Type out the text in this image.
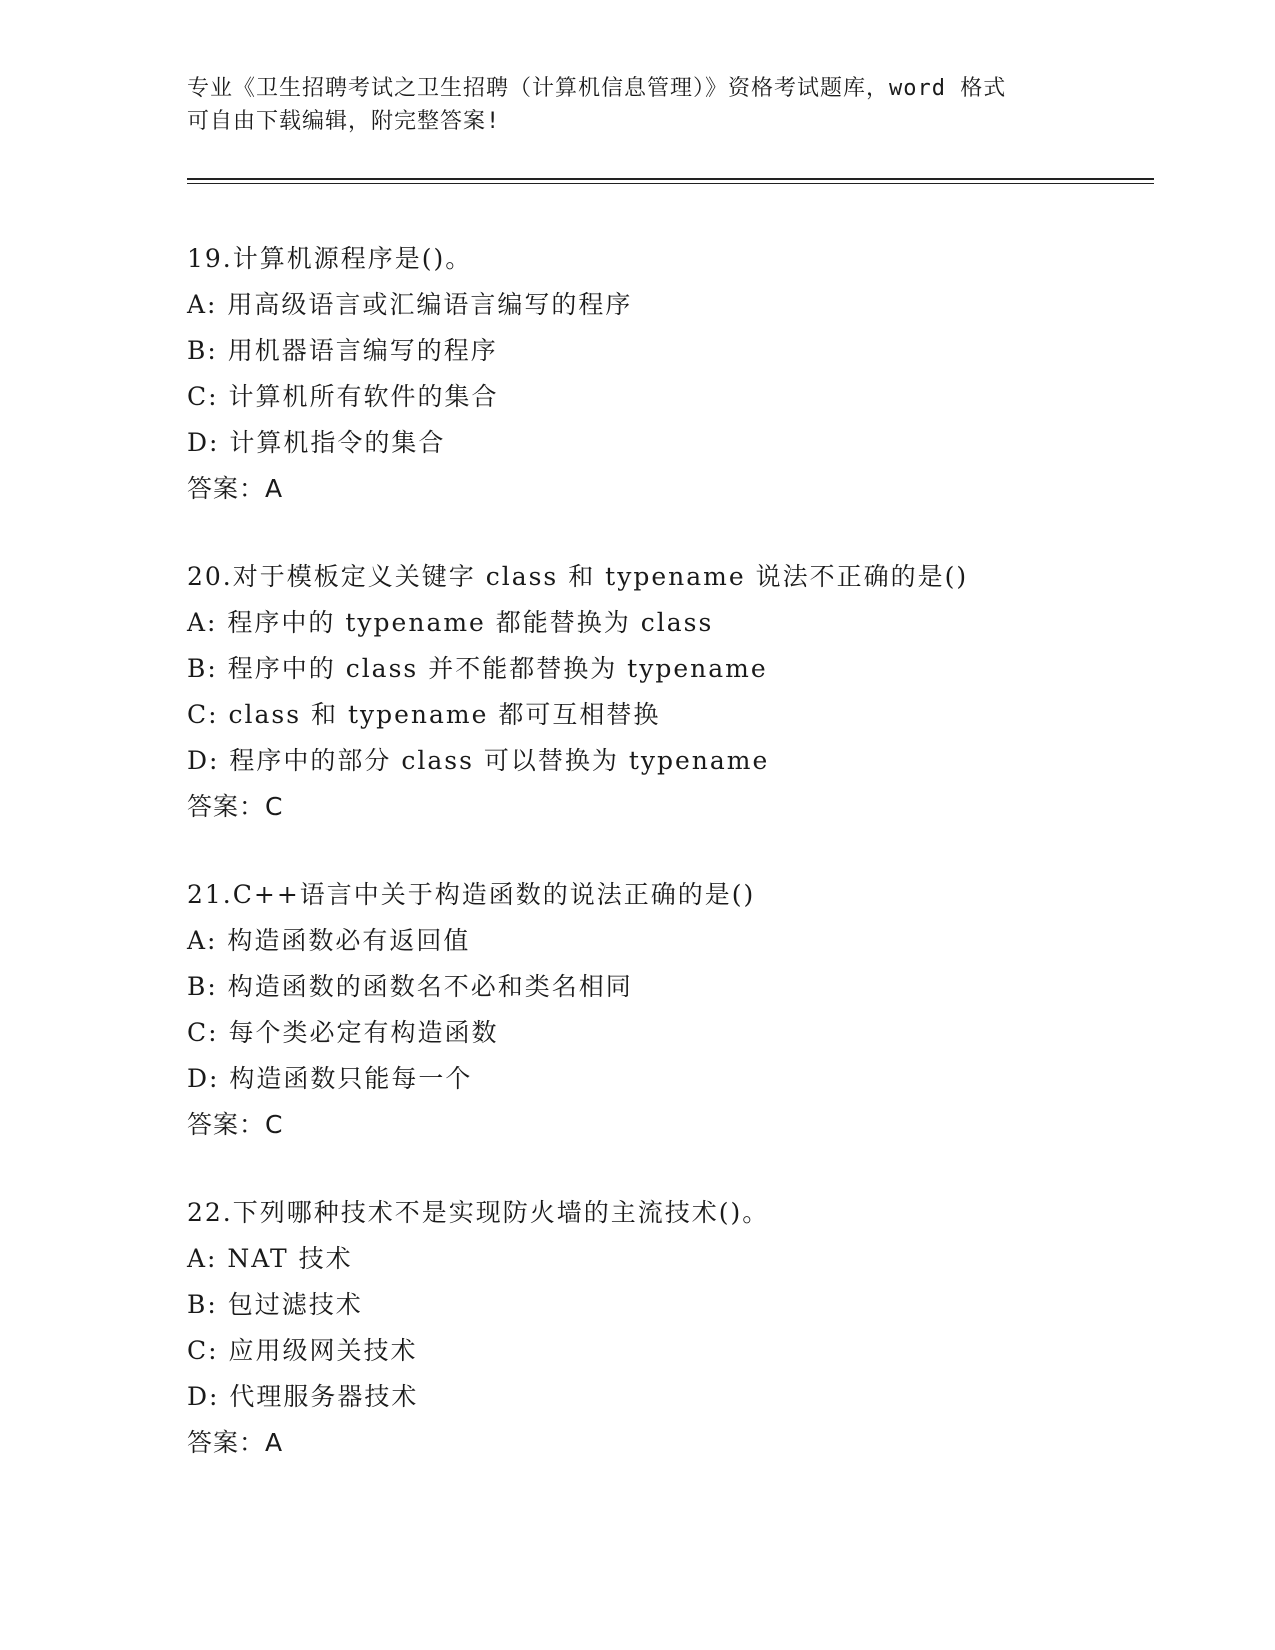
专业《卫生招聘考试之卫生招聘（计算机信息管理）》资格考试题库，word 格式
可自由下载编辑，附完整答案!
19.计算机源程序是()。
A: 用高级语言或汇编语言编写的程序
B: 用机器语言编写的程序
C: 计算机所有软件的集合
D: 计算机指令的集合
答案：A
20.对于模板定义关键字 class 和 typename 说法不正确的是()
A: 程序中的 typename 都能替换为 class
B: 程序中的 class 并不能都替换为 typename
C: class 和 typename 都可互相替换
D: 程序中的部分 class 可以替换为 typename
答案：C
21.C++语言中关于构造函数的说法正确的是()
A: 构造函数必有返回值
B: 构造函数的函数名不必和类名相同
C: 每个类必定有构造函数
D: 构造函数只能每一个
答案：C
22.下列哪种技术不是实现防火墙的主流技术()。
A: NAT 技术
B: 包过滤技术
C: 应用级网关技术
D: 代理服务器技术
答案：A
